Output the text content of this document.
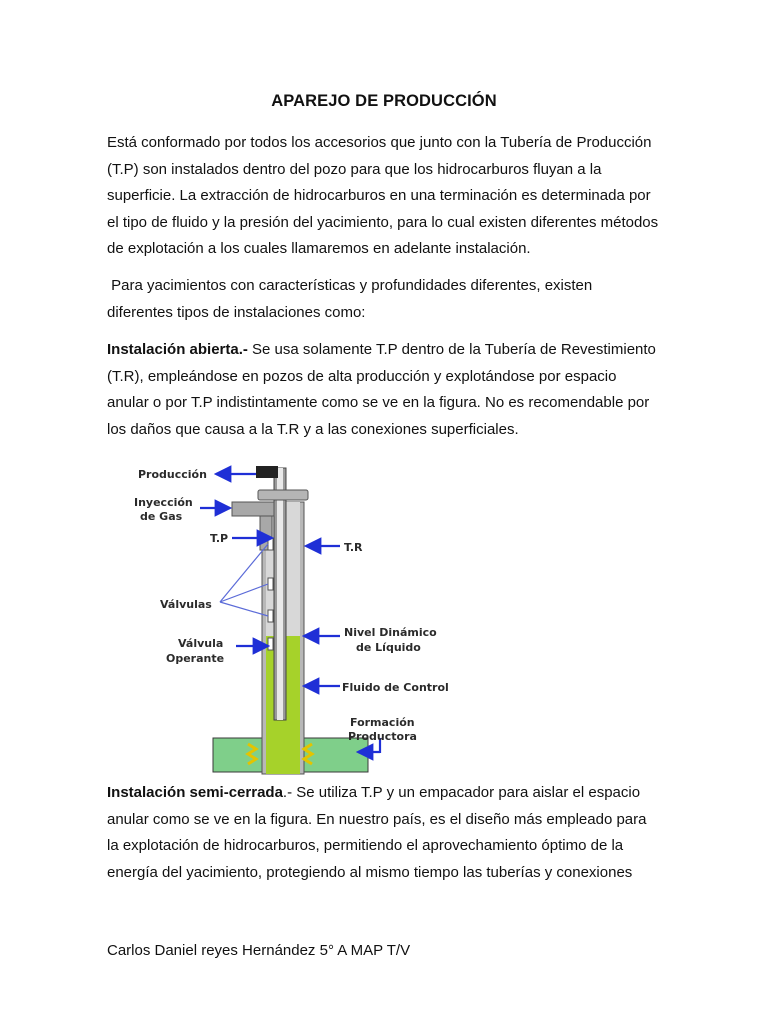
APAREJO DE PRODUCCIÓN

Está conformado por todos los accesorios que junto con la Tubería de Producción
(T.P) son instalados dentro del pozo para que los hidrocarburos fluyan a la
superficie. La extracción de hidrocarburos en una terminación es determinada por
el tipo de fluido y la presión del yacimiento, para lo cual existen diferentes métodos
de explotación a los cuales llamaremos en adelante instalación.

Para yacimientos con características y profundidades diferentes, existen
diferentes tipos de instalaciones como:

Instalación abierta.- Se usa solamente T.P dentro de la Tubería de Revestimiento
(T.R), empleándose en pozos de alta producción y explotándose por espacio
anular o por T.P indistintamente como se ve en la figura. No es recomendable por
los daños que causa a la T.R y a las conexiones superficiales.

Producción
Inyección
de Gas
T.P
T.R
Válvulas
Válvula
Operante
Nivel Dinámico
de Líquido
Fluido de Control
Formación
Productora

Instalación semi-cerrada.- Se utiliza T.P y un empacador para aislar el espacio
anular como se ve en la figura. En nuestro país, es el diseño más empleado para
la explotación de hidrocarburos, permitiendo el aprovechamiento óptimo de la
energía del yacimiento, protegiendo al mismo tiempo las tuberías y conexiones

Carlos Daniel reyes Hernández 5° A MAP T/V
